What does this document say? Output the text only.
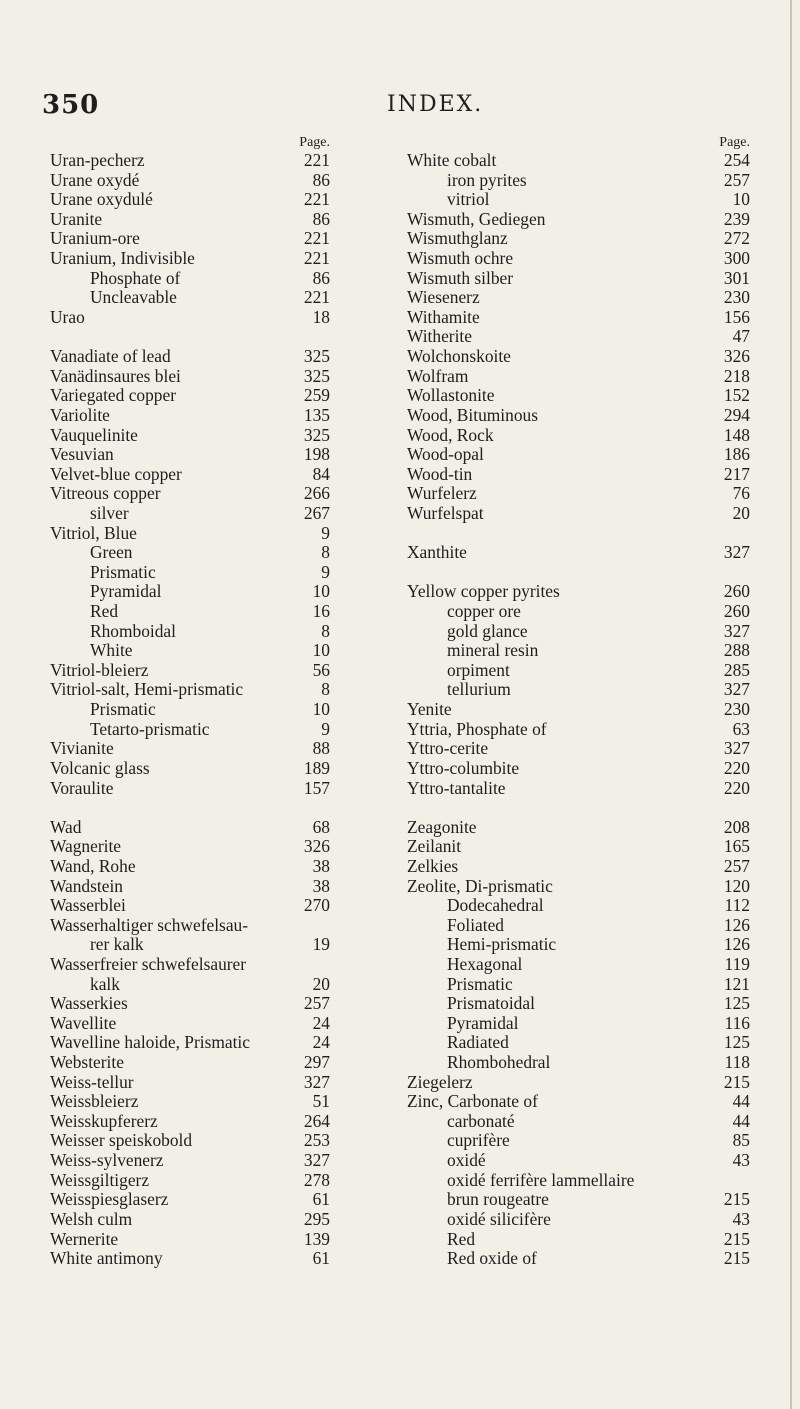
350	INDEX.
Page.
Uran-pecherz	221
Urane oxydé	86
Urane oxydulé	221
Uranite	86
Uranium-ore	221
Uranium, Indivisible	221
Phosphate of	86
Uncleavable	221
Urao	18
Vanadiate of lead	325
Vanädinsaures blei	325
Variegated copper	259
Variolite	135
Vauquelinite	325
Vesuvian	198
Velvet-blue copper	84
Vitreous copper	266
silver	267
Vitriol, Blue	9
Green	8
Prismatic	9
Pyramidal	10
Red	16
Rhomboidal	8
White	10
Vitriol-bleierz	56
Vitriol-salt, Hemi-prismatic	8
Prismatic	10
Tetarto-prismatic	9
Vivianite	88
Volcanic glass	189
Voraulite	157
Wad	68
Wagnerite	326
Wand, Rohe	38
Wandstein	38
Wasserblei	270
Wasserhaltiger schwefelsau-
rer kalk	19
Wasserfreier schwefelsaurer
kalk	20
Wasserkies	257
Wavellite	24
Wavelline haloide, Prismatic	24
Websterite	297
Weiss-tellur	327
Weissbleierz	51
Weisskupfererz	264
Weisser speiskobold	253
Weiss-sylvenerz	327
Weissgiltigerz	278
Weisspiesglaserz	61
Welsh culm	295
Wernerite	139
White antimony	61
Page.
White cobalt	254
iron pyrites	257
vitriol	10
Wismuth, Gediegen	239
Wismuthglanz	272
Wismuth ochre	300
Wismuth silber	301
Wiesenerz	230
Withamite	156
Witherite	47
Wolchonskoite	326
Wolfram	218
Wollastonite	152
Wood, Bituminous	294
Wood, Rock	148
Wood-opal	186
Wood-tin	217
Wurfelerz	76
Wurfelspat	20
Xanthite	327
Yellow copper pyrites	260
copper ore	260
gold glance	327
mineral resin	288
orpiment	285
tellurium	327
Yenite	230
Yttria, Phosphate of	63
Yttro-cerite	327
Yttro-columbite	220
Yttro-tantalite	220
Zeagonite	208
Zeilanit	165
Zelkies	257
Zeolite, Di-prismatic	120
Dodecahedral	112
Foliated	126
Hemi-prismatic	126
Hexagonal	119
Prismatic	121
Prismatoidal	125
Pyramidal	116
Radiated	125
Rhombohedral	118
Ziegelerz	215
Zinc, Carbonate of	44
carbonaté	44
cuprifère	85
oxidé	43
oxidé ferrifère lammellaire
brun rougeatre	215
oxidé silicifère	43
Red	215
Red oxide of	215
